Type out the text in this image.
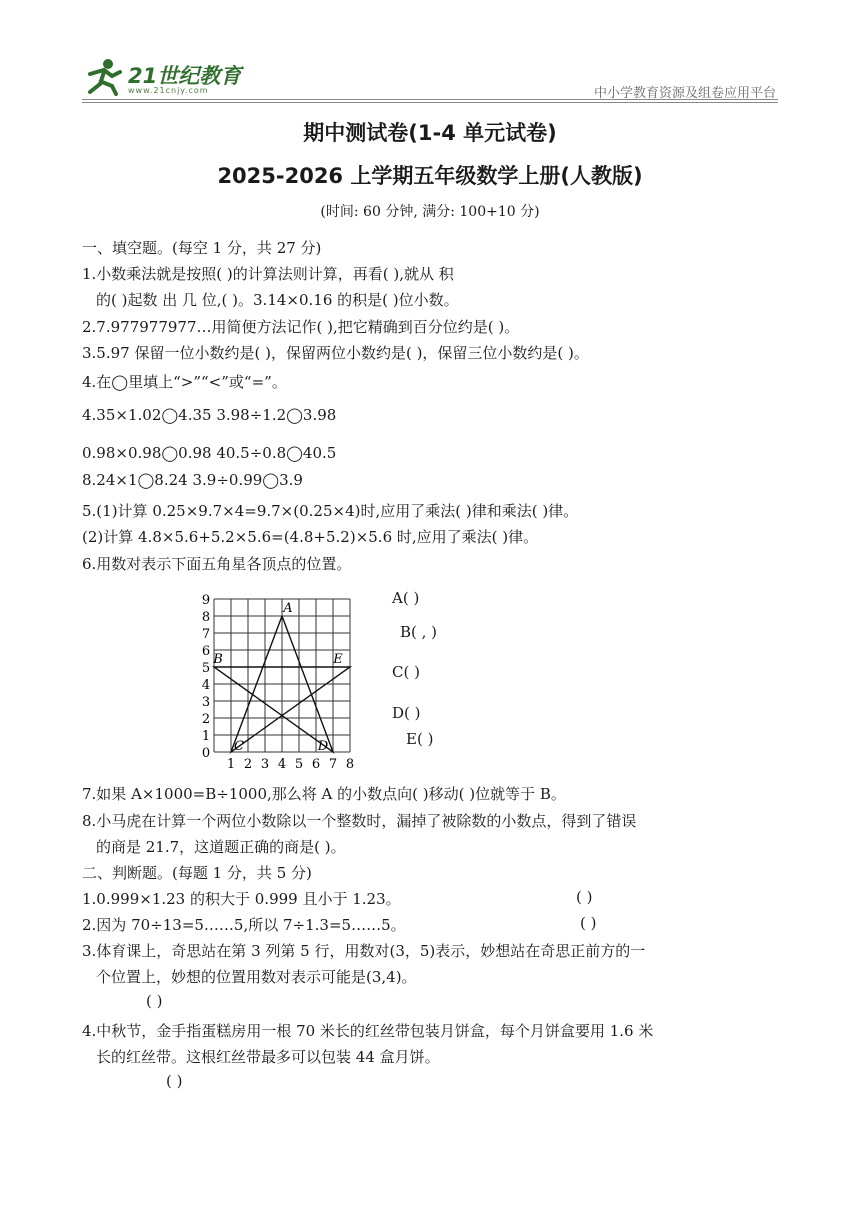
21世纪教育
www.21cnjy.com	中小学教育资源及组卷应用平台
期中测试卷(1-4 单元试卷)
2025-2026 上学期五年级数学上册(人教版)
(时间: 60 分钟, 满分: 100+10 分)
一、填空题。(每空 1 分，共 27 分)
1.小数乘法就是按照( )的计算法则计算，再看( ),就从 积
的( )起数 出 几 位,( )。3.14×0.16 的积是( )位小数。
2.7.977977977…用简便方法记作( ),把它精确到百分位约是( )。
3.5.97 保留一位小数约是( )，保留两位小数约是( )，保留三位小数约是( )。
4.在◯里填上“>”“<”或“=”。
4.35×1.02◯4.35 3.98÷1.2◯3.98
0.98×0.98◯0.98 40.5÷0.8◯40.5
8.24×1◯8.24 3.9÷0.99◯3.9
5.(1)计算 0.25×9.7×4=9.7×(0.25×4)时,应用了乘法( )律和乘法( )律。
(2)计算 4.8×5.6+5.2×5.6=(4.8+5.2)×5.6 时,应用了乘法( )律。
6.用数对表示下面五角星各顶点的位置。
1 2 3 4 5 6 7 8
0
1
2
3
4
5
6
7
8
9
A
B
C	D
E
A( )
B( , )
C( )
D( )
E( )
7.如果 A×1000=B÷1000,那么将 A 的小数点向( )移动( )位就等于 B。
8.小马虎在计算一个两位小数除以一个整数时，漏掉了被除数的小数点，得到了错误
的商是 21.7，这道题正确的商是( )。
二、判断题。(每题 1 分，共 5 分)
1.0.999×1.23 的积大于 0.999 且小于 1.23。	( )
2.因为 70÷13=5……5,所以 7÷1.3=5……5。	( )
3.体育课上，奇思站在第 3 列第 5 行，用数对(3，5)表示，妙想站在奇思正前方的一
个位置上，妙想的位置用数对表示可能是(3,4)。
( )
4.中秋节，金手指蛋糕房用一根 70 米长的红丝带包装月饼盒，每个月饼盒要用 1.6 米
长的红丝带。这根红丝带最多可以包装 44 盒月饼。
( )
